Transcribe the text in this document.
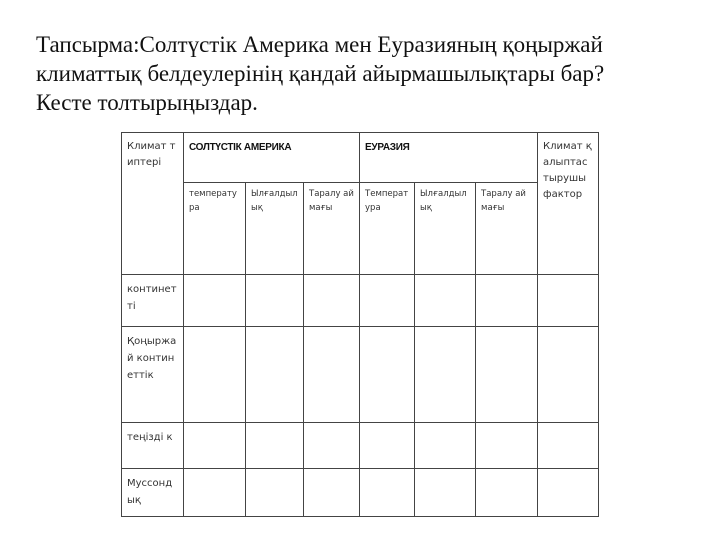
Тапсырма:Солтүстік Америка мен Еуразияның қоңыржай
климаттық белдеулерінің қандай айырмашылықтары бар?
Кесте толтырыңыздар.
Климат типтері	СОЛТҮСТІК АМЕРИКА			ЕУРАЗИЯ			Климат қалыптастырушы фактор
	температура	Ылғалдылық	Таралу аймағы	Температура	Ылғалдылық	Таралу аймағы	
континетті							
Қоңыржай континеттік							
теңізді к							
Муссондық							
